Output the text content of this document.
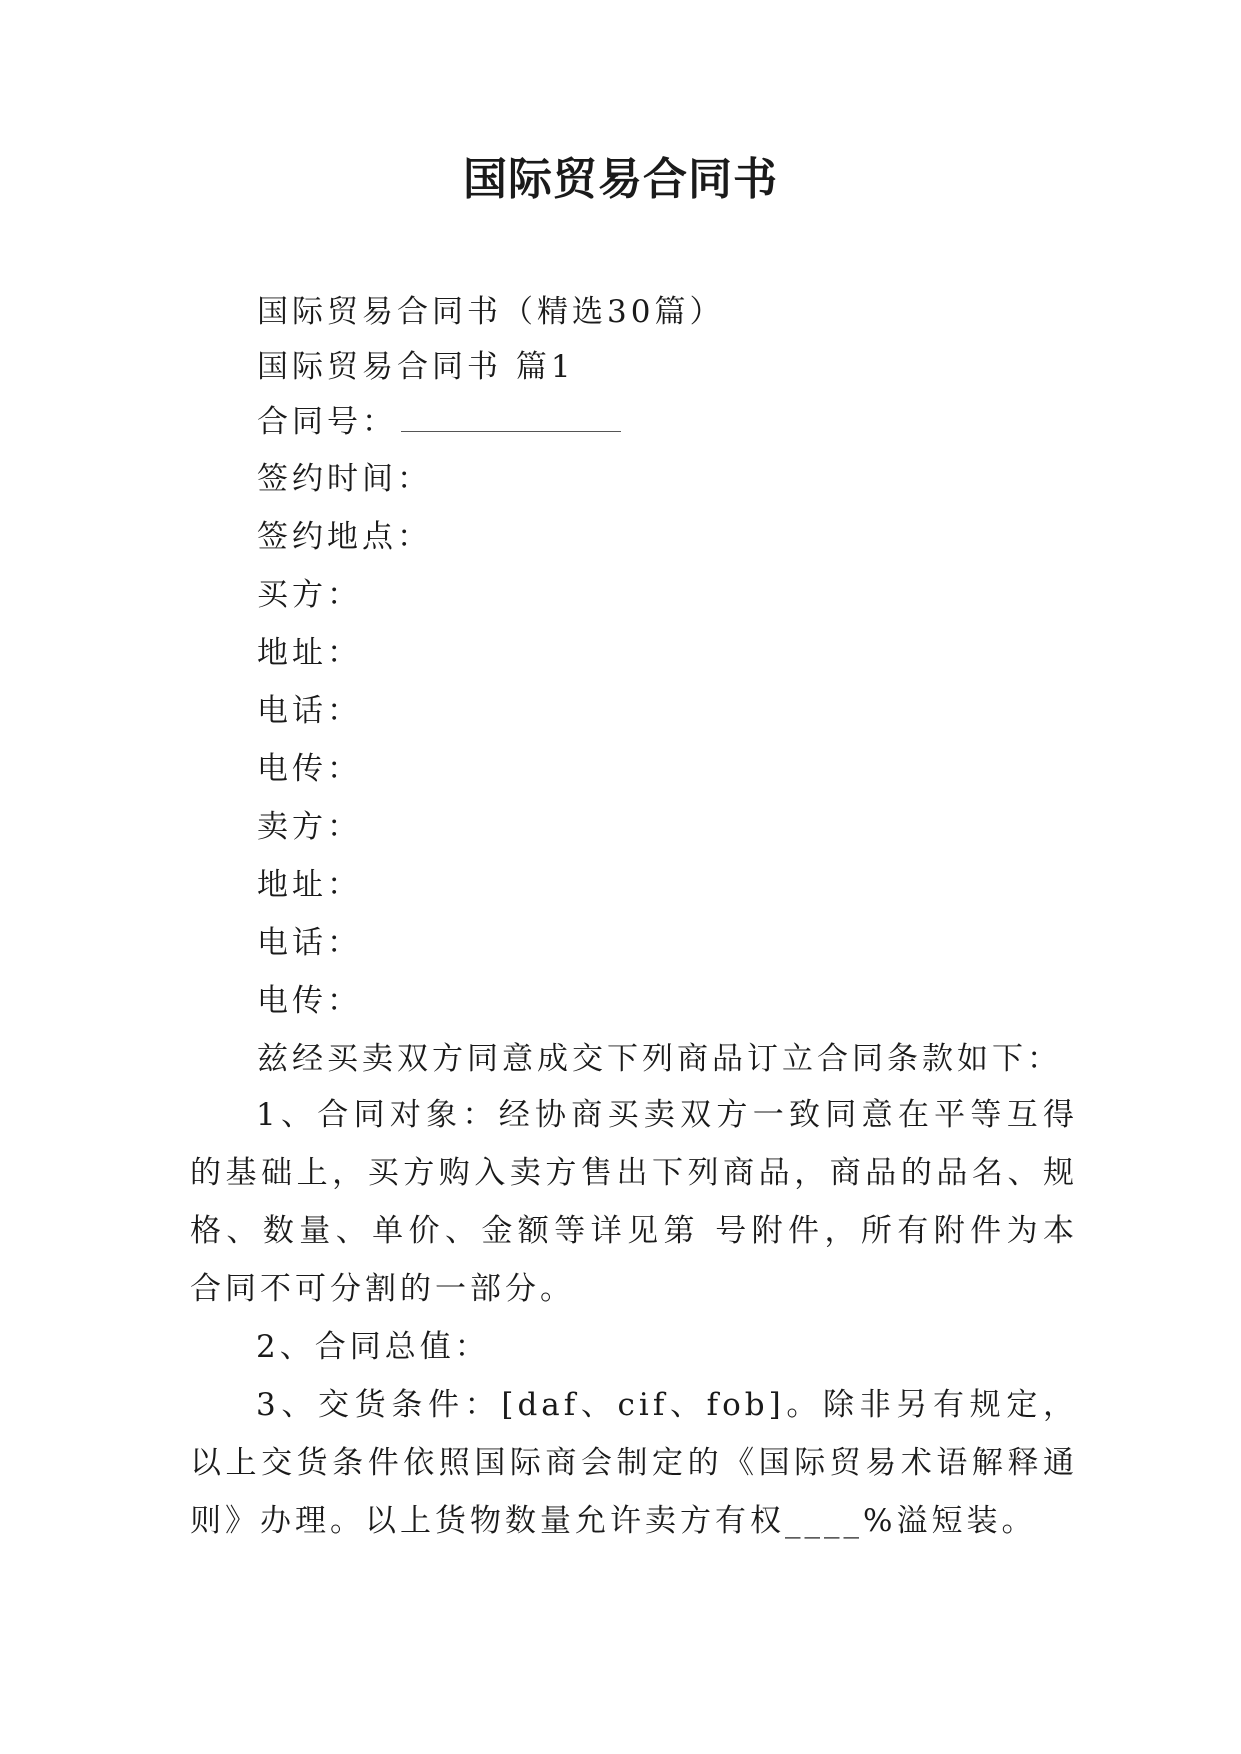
国际贸易合同书
国际贸易合同书（精选30篇）
国际贸易合同书 篇1
合同号：
签约时间：
签约地点：
买方：
地址：
电话：
电传：
卖方：
地址：
电话：
电传：
兹经买卖双方同意成交下列商品订立合同条款如下：
1、合同对象：经协商买卖双方一致同意在平等互得的基础上，买方购入卖方售出下列商品，商品的品名、规格、数量、单价、金额等详见第 号附件，所有附件为本合同不可分割的一部分。
2、合同总值：
3、交货条件：[daf、cif、fob]。除非另有规定，以上交货条件依照国际商会制定的《国际贸易术语解释通则》办理。以上货物数量允许卖方有权____%溢短装。
